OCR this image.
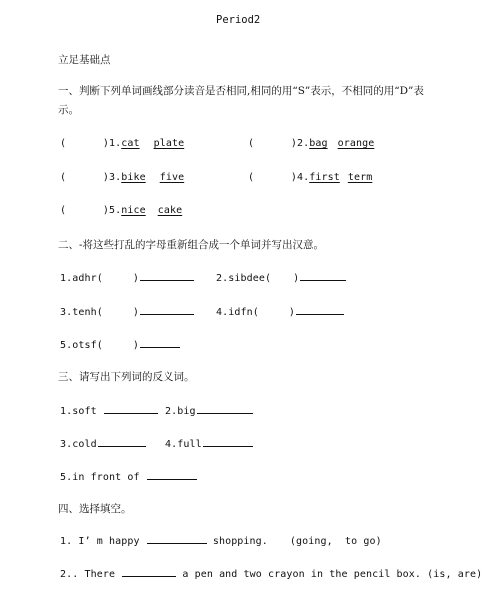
Period2
立足基础点
一、判断下列单词画线部分读音是否相同,相同的用“S”表示，不相同的用“D”表
示。
(      )1.cat plate	(      )2.bag orange
(      )3.bike five	(      )4.first term
(      )5.nice cake
二、-将这些打乱的字母重新组合成一个单词并写出汉意。
1.adhr(	)	2.sibdee( )
3.tenh(	)	4.idfn(	)
5.otsf(	)
三、请写出下列词的反义词。
1.soft	2.big
3.cold	4.full
5.in front of
四、选择填空。
1. I’ m happy	shopping. (going,  to go)
2.. There	a pen and two crayon in the pencil box. (is, are)
